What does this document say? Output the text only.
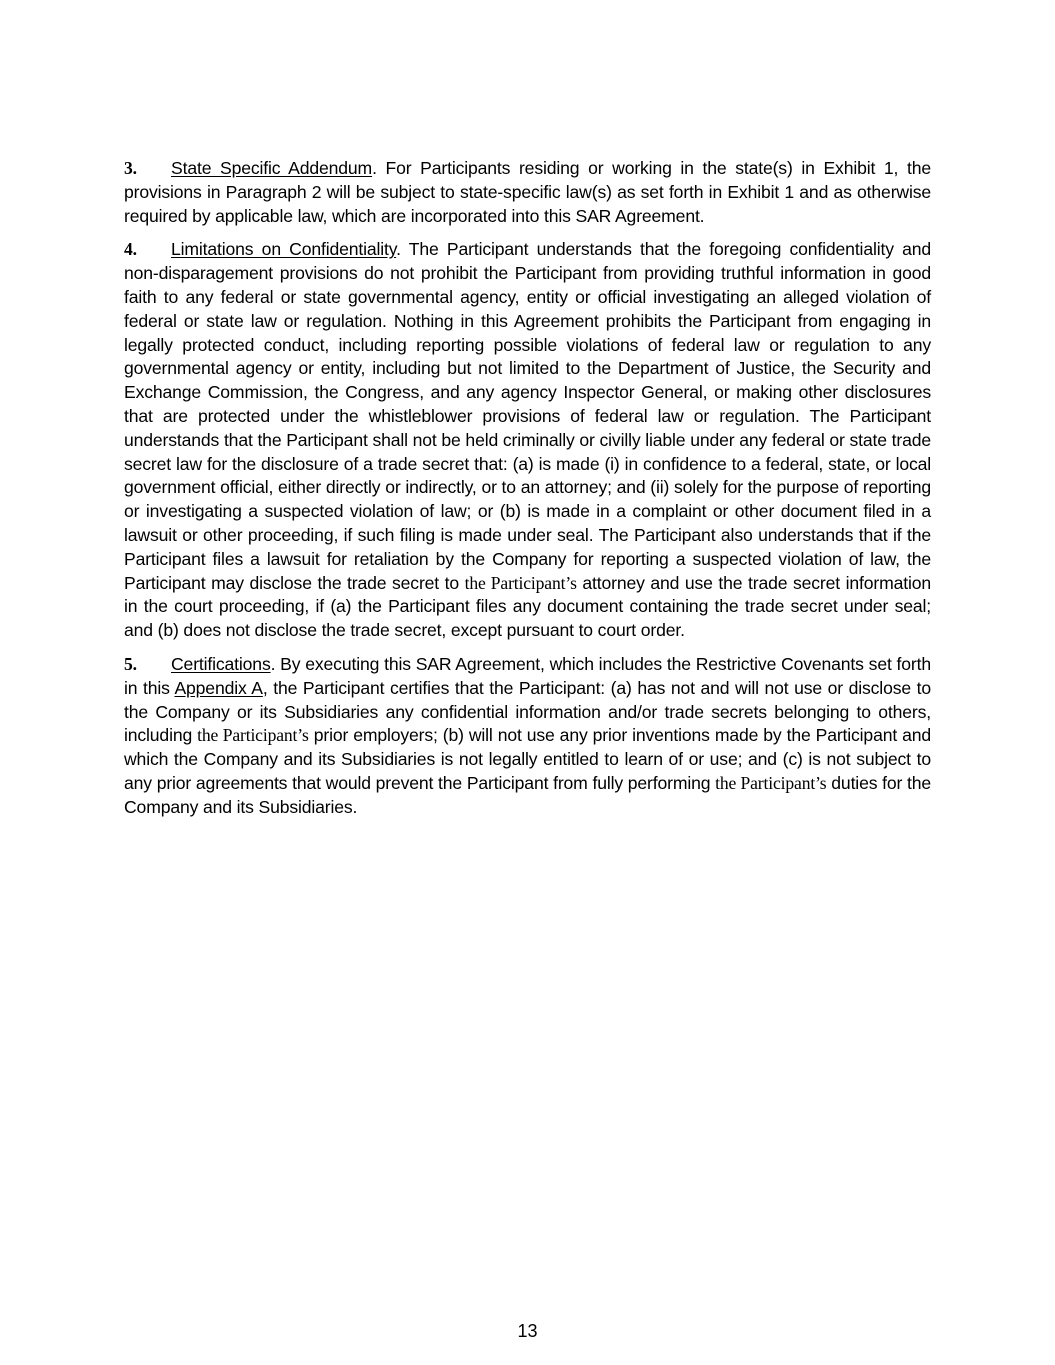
3. State Specific Addendum. For Participants residing or working in the state(s) in Exhibit 1, the provisions in Paragraph 2 will be subject to state-specific law(s) as set forth in Exhibit 1 and as otherwise required by applicable law, which are incorporated into this SAR Agreement.

4. Limitations on Confidentiality. The Participant understands that the foregoing confidentiality and non-disparagement provisions do not prohibit the Participant from providing truthful information in good faith to any federal or state governmental agency, entity or official investigating an alleged violation of federal or state law or regulation. Nothing in this Agreement prohibits the Participant from engaging in legally protected conduct, including reporting possible violations of federal law or regulation to any governmental agency or entity, including but not limited to the Department of Justice, the Security and Exchange Commission, the Congress, and any agency Inspector General, or making other disclosures that are protected under the whistleblower provisions of federal law or regulation. The Participant understands that the Participant shall not be held criminally or civilly liable under any federal or state trade secret law for the disclosure of a trade secret that: (a) is made (i) in confidence to a federal, state, or local government official, either directly or indirectly, or to an attorney; and (ii) solely for the purpose of reporting or investigating a suspected violation of law; or (b) is made in a complaint or other document filed in a lawsuit or other proceeding, if such filing is made under seal. The Participant also understands that if the Participant files a lawsuit for retaliation by the Company for reporting a suspected violation of law, the Participant may disclose the trade secret to the Participant’s attorney and use the trade secret information in the court proceeding, if (a) the Participant files any document containing the trade secret under seal; and (b) does not disclose the trade secret, except pursuant to court order.

5. Certifications. By executing this SAR Agreement, which includes the Restrictive Covenants set forth in this Appendix A, the Participant certifies that the Participant: (a) has not and will not use or disclose to the Company or its Subsidiaries any confidential information and/or trade secrets belonging to others, including the Participant’s prior employers; (b) will not use any prior inventions made by the Participant and which the Company and its Subsidiaries is not legally entitled to learn of or use; and (c) is not subject to any prior agreements that would prevent the Participant from fully performing the Participant’s duties for the Company and its Subsidiaries.

13
